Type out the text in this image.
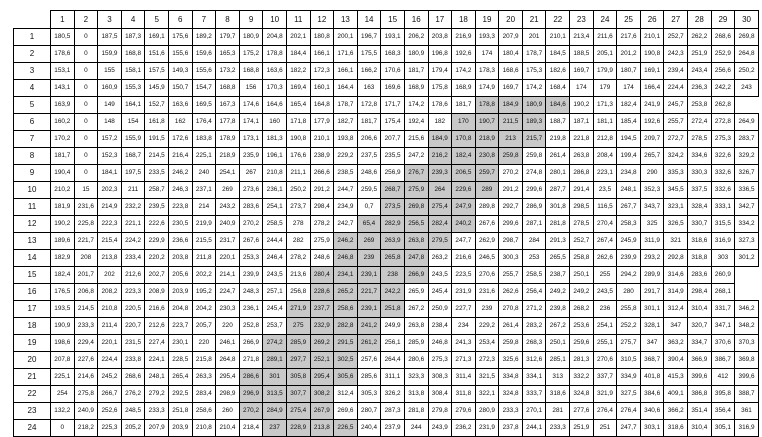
	1	2	3	4	5	6	7	8	9	10	11	12	13	14	15	16	17	18	19	20	21	22	23	24	25	26	27	28	29	30
1	180,5	0	187,5	187,3	169,1	175,6	189,2	179,7	180,9	204,8	202,1	180,8	200,1	196,7	193,1	206,2	203,8	216,9	193,3	207,9	201	210,1	213,4	211,6	217,6	210,1	252,7	262,2	268,6	269,8
2	178,6	0	159,9	168,8	151,6	155,6	159,6	165,3	175,2	178,8	184,4	166,1	171,6	175,5	168,3	180,9	196,8	192,6	174	180,4	178,7	184,5	188,5	205,1	201,2	190,8	242,3	251,9	252,9	264,8
3	153,1	0	155	158,1	157,5	149,3	155,6	173,2	168,8	163,6	182,2	172,3	166,1	166,2	170,6	181,7	179,4	174,2	178,3	168,6	175,3	182,6	169,7	179,9	180,7	169,1	239,4	243,4	256,6	250,2
4	143,1	0	160,9	155,3	145,9	150,7	154,7	168,8	156	170,3	169,4	160,1	164,4	163	169,6	168,9	175,8	168,9	174,9	169,7	174,2	168,4	174	179	174	166,4	224,4	236,3	242,2	243
5	163,9	0	149	164,1	152,7	163,6	169,5	167,3	174,6	164,6	165,4	164,8	178,7	172,8	171,7	174,2	178,6	181,7	178,8	184,9	180,9	184,6	190,2	171,3	182,4	241,9	245,7	253,8	262,8	
6	160,2	0	148	154	161,8	162	176,4	177,8	174,1	160	171,8	177,9	182,7	181,7	175,4	192,4	182	170	190,7	211,5	189,3	188,7	187,1	181,1	185,4	192,6	255,7	272,4	272,8	264,9
7	170,2	0	157,2	155,9	191,5	172,6	183,8	178,9	173,1	181,3	190,8	210,1	193,8	206,6	207,7	215,6	184,9	170,8	218,9	213	215,7	219,8	221,8	212,8	194,5	209,7	272,7	278,5	275,3	283,7
8	181,7	0	152,3	168,7	214,5	216,4	225,1	218,9	235,9	196,1	176,6	238,9	229,2	237,5	235,5	247,2	216,2	182,4	230,8	259,8	259,8	261,4	263,8	208,4	199,4	265,7	324,2	334,6	322,6	329,2
9	190,4	0	184,1	197,5	233,5	246,2	240	254,1	267	210,8	211,1	266,6	238,5	248,6	256,9	276,7	239,3	206,5	259,7	270,2	274,8	280,1	286,8	223,1	234,8	290	335,3	330,3	332,6	326,7
10	210,2	15	202,3	211	258,7	246,3	237,1	269	273,6	236,1	250,2	291,2	244,7	259,5	268,7	275,9	264	229,6	289	291,2	299,6	287,7	291,4	23,5	248,1	352,3	345,5	337,5	332,6	336,5
11	181,9	231,6	214,9	232,2	239,5	223,8	214	243,2	283,6	254,1	273,7	298,4	234,9	0,7	273,5	269,8	275,4	247,9	289,8	292,7	286,9	301,8	298,5	116,5	267,7	343,7	323,1	328,4	333,1	342,7
12	190,2	225,8	222,3	221,1	222,6	230,5	219,9	240,9	270,2	258,5	278	278,2	242,7	65,4	282,9	256,5	282,4	240,2	267,6	299,6	287,1	281,8	278,5	270,4	258,3	325	326,5	330,7	315,5	334,2
13	189,6	221,7	215,4	224,2	229,9	236,6	215,5	231,7	267,6	244,4	282	275,9	246,2	269	263,9	263,8	279,5	247,7	262,9	298,7	284	291,3	252,7	267,4	245,9	311,9	321	318,6	316,9	327,3
14	182,9	208	213,8	233,4	220,2	203,8	211,8	220,1	253,3	246,4	278,2	248,6	246,8	239	265,8	247,8	263,2	216,6	246,5	300,3	253	265,5	258,8	262,6	239,9	293,2	292,8	318,8	303	301,2
15	182,4	201,7	202	212,6	202,7	205,6	202,2	214,1	239,9	243,5	213,6	280,4	234,1	239,1	238	266,9	243,5	223,5	270,6	255,7	258,5	238,7	250,1	255	294,2	289,9	314,6	283,6	260,9	
16	176,5	206,8	208,2	223,3	208,9	203,9	195,2	224,7	248,3	257,1	256,8	228,6	265,2	221,7	242,2	265,9	245,4	231,9	231,6	262,6	256,4	249,2	249,2	243,5	280	291,7	314,9	298,4	268,1	
17	193,5	214,5	210,8	220,5	216,6	204,8	204,2	230,3	236,1	245,4	271,9	237,7	258,6	239,1	251,8	267,2	250,9	227,7	239	270,8	271,2	239,8	268,2	236	255,8	301,1	312,4	310,4	331,7	346,2
18	190,9	233,3	211,4	220,7	212,6	223,7	205,7	220	252,8	253,7	275	232,9	282,8	241,2	249,9	263,8	238,4	234	229,2	261,4	283,2	267,2	253,6	254,1	252,2	328,1	347	320,7	347,1	348,2
19	198,6	229,4	220,1	231,5	227,4	230,1	220	246,1	266,9	274,2	285,9	269,2	291,5	261,2	256,1	285,9	246,8	241,3	253,4	259,8	268,3	250,1	259,6	255,1	275,7	347	363,2	334,7	370,6	370,3
20	207,8	227,6	224,4	233,8	224,1	228,5	215,8	264,8	271,8	289,1	297,7	252,1	302,5	257,6	264,4	280,6	275,3	271,3	272,3	325,6	312,6	285,1	281,3	270,6	310,5	368,7	390,4	366,9	386,7	369,8
21	225,1	214,6	245,2	268,6	248,1	265,4	263,3	295,4	286,6	301	305,8	295,4	305,6	285,6	311,1	323,3	308,3	311,4	321,5	334,8	334,1	313	332,2	337,7	334,9	401,8	415,3	399,6	412	399,6
22	254	275,8	266,7	276,2	279,2	292,5	283,4	298,9	296,9	313,5	307,7	308,2	312,4	305,3	326,2	313,8	308,4	311,8	322,1	324,8	333,7	318,6	324,8	321,9	327,5	384,6	409,1	386,8	395,8	388,7
23	132,2	240,9	252,6	248,5	233,3	251,8	258,6	260	270,2	284,9	275,4	267,9	269,6	280,7	287,3	281,8	279,8	279,6	280,9	233,3	270,1	281	277,6	276,4	276,4	340,6	366,2	351,4	356,4	361
24	0	218,2	225,3	205,2	207,9	203,9	210,8	210,4	218,4	237	228,9	213,8	226,5	240,4	237,9	244	243,9	236,2	231,9	237,8	244,1	233,3	251,9	251	247,7	303,1	318,6	310,4	305,1	316,9
